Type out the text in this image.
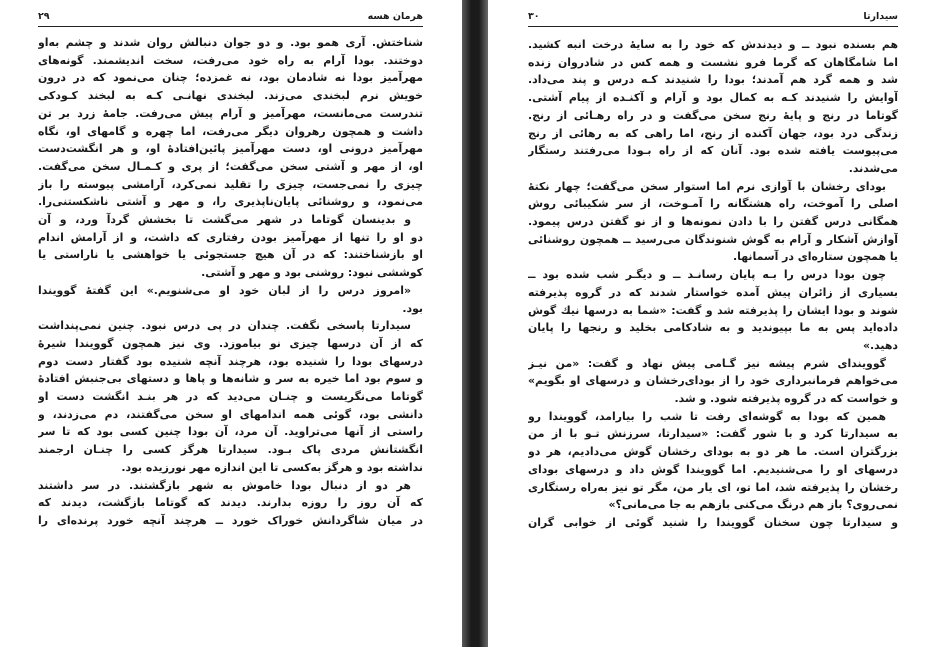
۲۹	هرمان هسه
شناختش. آری همو بود. و دو جوان دنبالش روان شدند و چشم به‌او
دوختند. بودا آرام به راه خود می‌رفت، سخت اندیشمند. گونه‌های
مهرآمیز بودا نه شادمان بود، نه غمزده؛ چنان می‌نمود که در درون
خویش نرم لبخندی می‌زند. لبخندی نهانـی کـه به لبخند کـودکی
تندرست می‌مانست، مهرآمیز و آرام پیش می‌رفت. جامهٔ زرد بر تن
داشت و همچون رهروان دیگر می‌رفت، اما چهره و گامهای او، نگاه
مهرآمیز درونی او، دست مهرآمیز پائین‌افتادهٔ او، و هر انگشت‌دست
او، از مهر و آشتی سخن می‌گفت؛ از پری و کـمـال سخن می‌گفت.
چیزی را نمی‌جست، چیزی را تقلید نمی‌کرد، آرامشی پیوسته را باز
می‌نمود، و روشنائی پایان‌ناپذیری را، و مهر و آشتی ناشکستنی‌را.
و بدینسان گوتاما در شهر می‌گشت تا بخشش گردآ ورد، و آن
دو او را تنها از مهرآمیز بودن رفتاری که داشت، و از آرامش اندام
او بازشناختند: که در آن هیچ جستجوئی یا خواهشی یا ناراستی یا
کوششی نبود: روشنی بود و مهر و آشتی.
«امروز درس را از لبان خود او می‌شنویم.» این گفتهٔ گوویندا
بود.
سیدارتا پاسخی نگفت. چندان در پی درس نبود. چنین نمی‌پنداشت
که از آن درسها چیزی نو بیاموزد. وی نیز همچون گوویندا شیرهٔ
درسهای بودا را شنیده بود، هرچند آنچه شنیده بود گفتار دست دوم
و سوم بود اما خیره به سر و شانه‌ها و پاها و دستهای بی‌جنبش افتادهٔ
گوتاما می‌نگریست و چنـان می‌دید که در هر بنـد انگشت دست او
دانشی بود، گوئی همه اندامهای او سخن می‌گفتند، دم می‌زدند، و
راستی از آنها می‌تراوید. آن مرد، آن بودا چنین کسی بود که تا سر
انگشتانش مردی پاک بـود. سیدارتا هرگز کسی را چنـان ارجمند
نداشته بود و هرگز به‌کسی تا این اندازه مهر نورزیده بود.
هر دو از دنبال بودا خاموش به شهر بازگشتند. در سر داشتند
که آن روز را روزه بدارند. دیدند که گوتاما بازگشت، دیدند که
در میان شاگردانش خوراک خورد ــ هرچند آنچه خورد پرنده‌ای را
۳۰	سیدارتا
هم بسنده نبود ــ و دیدندش که خود را به سایهٔ درخت انبه کشید.
اما شامگاهان که گرما فرو نشست و همه کس در شادروان زنده
شد و همه گرد هم آمدند؛ بودا را شنیدند کـه درس و پند می‌داد.
آوایش را شنیدند کـه به کمال بود و آرام و آکنـده از پیام آشتی.
گوتاما در رنج و پایهٔ رنج سخن می‌گفت و در راه رهـائی از رنج.
زندگی درد بود، جهان آکنده از رنج، اما راهی که به رهائی از رنج
می‌پیوست یافته شده بود. آنان که از راه بـودا می‌رفتند رستگار
می‌شدند.
بودای رخشان با آوازی نرم اما استوار سخن می‌گفت؛ چهار نکتهٔ
اصلی را آموخت، راه هشتگانه را آمـوخت، از سر شکیبائی روش
همگانی درس گفتن را با دادن نمونه‌ها و از نو گفتن درس پیمود.
آوازش آشکار و آرام به گوش شنوندگان می‌رسید ــ همچون روشنائی
یا همچون ستاره‌ای در آسمانها.
چون بودا درس را بـه پایان رسانـد ــ و دیگـر شب شده بود ــ
بسیاری از زائران پیش آمده خواستار شدند که در گروه پذیرفته
شوند و بودا ایشان را پذیرفته شد و گفت: «شما به درسها نیك گوش
داده‌اید پس به ما بپیوندید و به شادکامی بخلید و رنجها را پایان
دهید.»
گوویندای شرم پیشه نیز گـامی پیش نهاد و گفت: «من نیـز
می‌خواهم فرمانبرداری خود را از بودای‌رخشان و درسهای او بگویم»
و خواست که در گروه پذیرفته شود. و شد.
همین که بودا به گوشه‌ای رفت تا شب را بیارامد، گوویندا رو
به سیدارتا کرد و با شور گفت: «سیدارتا، سرزنش تـو با از من
بزرگتران است. ما هر دو به بودای رخشان گوش می‌دادیم، هر دو
درسهای او را می‌شنیدیم. اما گوویندا گوش داد و درسهای بودای
رخشان را پذیرفته شد، اما تو، ای یار من، مگر تو نیز به‌راه رستگاری
نمی‌روی؟ باز هم درنگ می‌کنی بازهم به جا می‌مانی؟»
و سیدارتا چون سخنان گوویندا را شنید گوئی از خوابی گران
